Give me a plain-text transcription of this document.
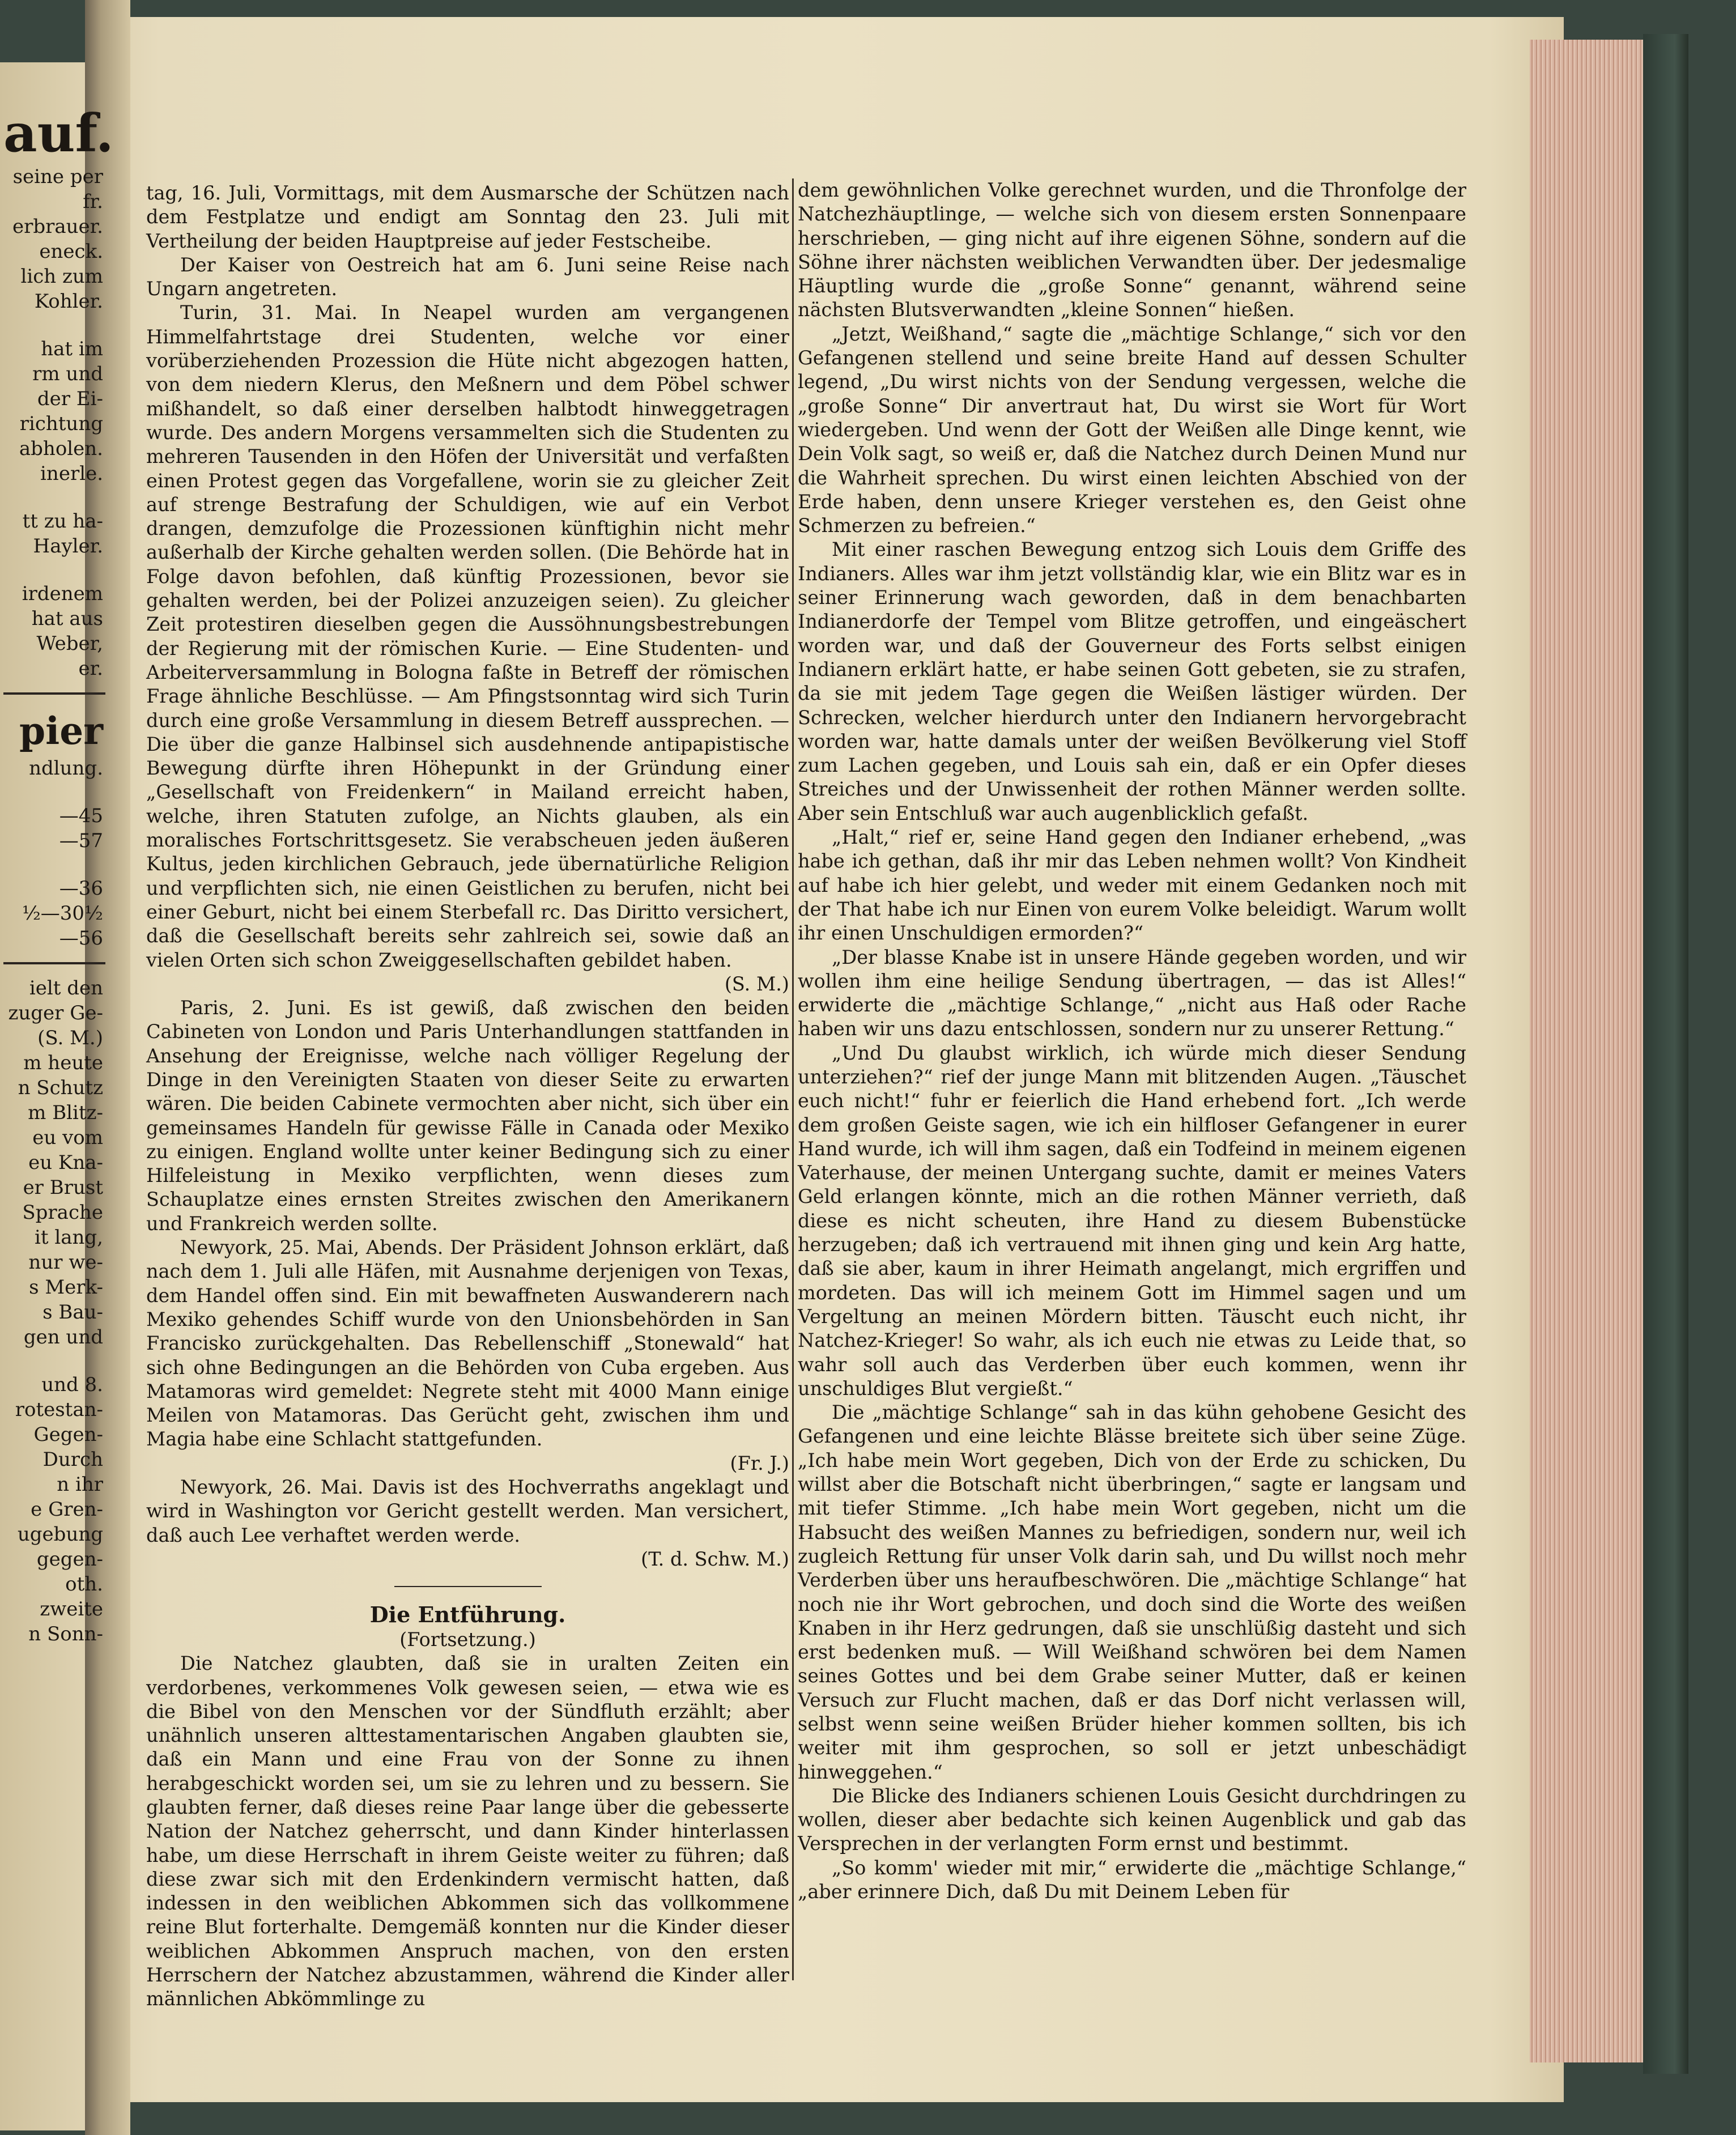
auf.
seine per
fr.
erbrauer.
eneck.
lich zum
Kohler.
hat im
rm und
der Ei-
richtung
abholen.
inerle.
tt zu ha-
Hayler.
irdenem
hat aus
Weber,
er.
pier
ndlung.
—45
—57
—36
½—30½
—56
ielt den
zuger Ge-
(S. M.)
m heute
n Schutz
m Blitz-
eu vom
eu Kna-
er Brust
Sprache
it lang,
nur we-
s Merk-
s Bau-
gen und
und 8.
rotestan-
Gegen-
Durch
n ihr
e Gren-
ugebung
gegen-
oth.
zweite
n Sonn-

tag, 16. Juli, Vormittags, mit dem Ausmarsche der Schützen nach dem Festplatze und endigt am Sonntag den 23. Juli mit Vertheilung der beiden Hauptpreise auf jeder Festscheibe.

Der Kaiser von Oestreich hat am 6. Juni seine Reise nach Ungarn angetreten.

Turin, 31. Mai. In Neapel wurden am vergangenen Himmelfahrtstage drei Studenten, welche vor einer vorüberziehenden Prozession die Hüte nicht abgezogen hatten, von dem niedern Klerus, den Meßnern und dem Pöbel schwer mißhandelt, so daß einer derselben halbtodt hinweggetragen wurde. Des andern Morgens versammelten sich die Studenten zu mehreren Tausenden in den Höfen der Universität und verfaßten einen Protest gegen das Vorgefallene, worin sie zu gleicher Zeit auf strenge Bestrafung der Schuldigen, wie auf ein Verbot drangen, demzufolge die Prozessionen künftighin nicht mehr außerhalb der Kirche gehalten werden sollen. (Die Behörde hat in Folge davon befohlen, daß künftig Prozessionen, bevor sie gehalten werden, bei der Polizei anzuzeigen seien). Zu gleicher Zeit protestiren dieselben gegen die Aussöhnungsbestrebungen der Regierung mit der römischen Kurie. — Eine Studenten- und Arbeiterversammlung in Bologna faßte in Betreff der römischen Frage ähnliche Beschlüsse. — Am Pfingstsonntag wird sich Turin durch eine große Versammlung in diesem Betreff aussprechen. — Die über die ganze Halbinsel sich ausdehnende antipapistische Bewegung dürfte ihren Höhepunkt in der Gründung einer „Gesellschaft von Freidenkern“ in Mailand erreicht haben, welche, ihren Statuten zufolge, an Nichts glauben, als ein moralisches Fortschrittsgesetz. Sie verabscheuen jeden äußeren Kultus, jeden kirchlichen Gebrauch, jede übernatürliche Religion und verpflichten sich, nie einen Geistlichen zu berufen, nicht bei einer Geburt, nicht bei einem Sterbefall rc. Das Diritto versichert, daß die Gesellschaft bereits sehr zahlreich sei, sowie daß an vielen Orten sich schon Zweiggesellschaften gebildet haben.

(S. M.)

Paris, 2. Juni. Es ist gewiß, daß zwischen den beiden Cabineten von London und Paris Unterhandlungen stattfanden in Ansehung der Ereignisse, welche nach völliger Regelung der Dinge in den Vereinigten Staaten von dieser Seite zu erwarten wären. Die beiden Cabinete vermochten aber nicht, sich über ein gemeinsames Handeln für gewisse Fälle in Canada oder Mexiko zu einigen. England wollte unter keiner Bedingung sich zu einer Hilfeleistung in Mexiko verpflichten, wenn dieses zum Schauplatze eines ernsten Streites zwischen den Amerikanern und Frankreich werden sollte.

Newyork, 25. Mai, Abends. Der Präsident Johnson erklärt, daß nach dem 1. Juli alle Häfen, mit Ausnahme derjenigen von Texas, dem Handel offen sind. Ein mit bewaffneten Auswanderern nach Mexiko gehendes Schiff wurde von den Unionsbehörden in San Francisko zurückgehalten. Das Rebellenschiff „Stonewald“ hat sich ohne Bedingungen an die Behörden von Cuba ergeben. Aus Matamoras wird gemeldet: Negrete steht mit 4000 Mann einige Meilen von Matamoras. Das Gerücht geht, zwischen ihm und Magia habe eine Schlacht stattgefunden.

(Fr. J.)

Newyork, 26. Mai. Davis ist des Hochverraths angeklagt und wird in Washington vor Gericht gestellt werden. Man versichert, daß auch Lee verhaftet werden werde.

(T. d. Schw. M.)

Die Entführung.

(Fortsetzung.)

Die Natchez glaubten, daß sie in uralten Zeiten ein verdorbenes, verkommenes Volk gewesen seien, — etwa wie es die Bibel von den Menschen vor der Sündfluth erzählt; aber unähnlich unseren alttestamentarischen Angaben glaubten sie, daß ein Mann und eine Frau von der Sonne zu ihnen herabgeschickt worden sei, um sie zu lehren und zu bessern. Sie glaubten ferner, daß dieses reine Paar lange über die gebesserte Nation der Natchez geherrscht, und dann Kinder hinterlassen habe, um diese Herrschaft in ihrem Geiste weiter zu führen; daß diese zwar sich mit den Erdenkindern vermischt hatten, daß indessen in den weiblichen Abkommen sich das vollkommene reine Blut forterhalte. Demgemäß konnten nur die Kinder dieser weiblichen Abkommen Anspruch machen, von den ersten Herrschern der Natchez abzustammen, während die Kinder aller männlichen Abkömmlinge zu

dem gewöhnlichen Volke gerechnet wurden, und die Thronfolge der Natchezhäuptlinge, — welche sich von diesem ersten Sonnenpaare herschrieben, — ging nicht auf ihre eigenen Söhne, sondern auf die Söhne ihrer nächsten weiblichen Verwandten über. Der jedesmalige Häuptling wurde die „große Sonne“ genannt, während seine nächsten Blutsverwandten „kleine Sonnen“ hießen.

„Jetzt, Weißhand,“ sagte die „mächtige Schlange,“ sich vor den Gefangenen stellend und seine breite Hand auf dessen Schulter legend, „Du wirst nichts von der Sendung vergessen, welche die „große Sonne“ Dir anvertraut hat, Du wirst sie Wort für Wort wiedergeben. Und wenn der Gott der Weißen alle Dinge kennt, wie Dein Volk sagt, so weiß er, daß die Natchez durch Deinen Mund nur die Wahrheit sprechen. Du wirst einen leichten Abschied von der Erde haben, denn unsere Krieger verstehen es, den Geist ohne Schmerzen zu befreien.“

Mit einer raschen Bewegung entzog sich Louis dem Griffe des Indianers. Alles war ihm jetzt vollständig klar, wie ein Blitz war es in seiner Erinnerung wach geworden, daß in dem benachbarten Indianerdorfe der Tempel vom Blitze getroffen, und eingeäschert worden war, und daß der Gouverneur des Forts selbst einigen Indianern erklärt hatte, er habe seinen Gott gebeten, sie zu strafen, da sie mit jedem Tage gegen die Weißen lästiger würden. Der Schrecken, welcher hierdurch unter den Indianern hervorgebracht worden war, hatte damals unter der weißen Bevölkerung viel Stoff zum Lachen gegeben, und Louis sah ein, daß er ein Opfer dieses Streiches und der Unwissenheit der rothen Männer werden sollte. Aber sein Entschluß war auch augenblicklich gefaßt.

„Halt,“ rief er, seine Hand gegen den Indianer erhebend, „was habe ich gethan, daß ihr mir das Leben nehmen wollt? Von Kindheit auf habe ich hier gelebt, und weder mit einem Gedanken noch mit der That habe ich nur Einen von eurem Volke beleidigt. Warum wollt ihr einen Unschuldigen ermorden?“

„Der blasse Knabe ist in unsere Hände gegeben worden, und wir wollen ihm eine heilige Sendung übertragen, — das ist Alles!“ erwiderte die „mächtige Schlange,“ „nicht aus Haß oder Rache haben wir uns dazu entschlossen, sondern nur zu unserer Rettung.“

„Und Du glaubst wirklich, ich würde mich dieser Sendung unterziehen?“ rief der junge Mann mit blitzenden Augen. „Täuschet euch nicht!“ fuhr er feierlich die Hand erhebend fort. „Ich werde dem großen Geiste sagen, wie ich ein hilfloser Gefangener in eurer Hand wurde, ich will ihm sagen, daß ein Todfeind in meinem eigenen Vaterhause, der meinen Untergang suchte, damit er meines Vaters Geld erlangen könnte, mich an die rothen Männer verrieth, daß diese es nicht scheuten, ihre Hand zu diesem Bubenstücke herzugeben; daß ich vertrauend mit ihnen ging und kein Arg hatte, daß sie aber, kaum in ihrer Heimath angelangt, mich ergriffen und mordeten. Das will ich meinem Gott im Himmel sagen und um Vergeltung an meinen Mördern bitten. Täuscht euch nicht, ihr Natchez-Krieger! So wahr, als ich euch nie etwas zu Leide that, so wahr soll auch das Verderben über euch kommen, wenn ihr unschuldiges Blut vergießt.“

Die „mächtige Schlange“ sah in das kühn gehobene Gesicht des Gefangenen und eine leichte Blässe breitete sich über seine Züge. „Ich habe mein Wort gegeben, Dich von der Erde zu schicken, Du willst aber die Botschaft nicht überbringen,“ sagte er langsam und mit tiefer Stimme. „Ich habe mein Wort gegeben, nicht um die Habsucht des weißen Mannes zu befriedigen, sondern nur, weil ich zugleich Rettung für unser Volk darin sah, und Du willst noch mehr Verderben über uns heraufbeschwören. Die „mächtige Schlange“ hat noch nie ihr Wort gebrochen, und doch sind die Worte des weißen Knaben in ihr Herz gedrungen, daß sie unschlüßig dasteht und sich erst bedenken muß. — Will Weißhand schwören bei dem Namen seines Gottes und bei dem Grabe seiner Mutter, daß er keinen Versuch zur Flucht machen, daß er das Dorf nicht verlassen will, selbst wenn seine weißen Brüder hieher kommen sollten, bis ich weiter mit ihm gesprochen, so soll er jetzt unbeschädigt hinweggehen.“

Die Blicke des Indianers schienen Louis Gesicht durchdringen zu wollen, dieser aber bedachte sich keinen Augenblick und gab das Versprechen in der verlangten Form ernst und bestimmt.

„So komm' wieder mit mir,“ erwiderte die „mächtige Schlange,“ „aber erinnere Dich, daß Du mit Deinem Leben für
